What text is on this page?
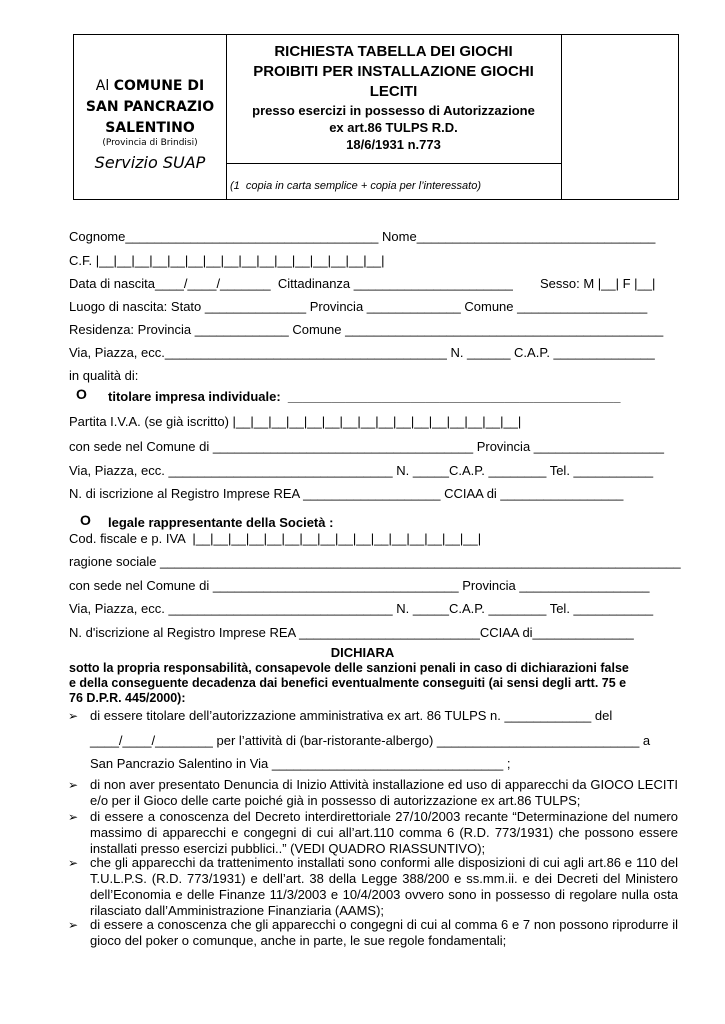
Al COMUNE DI
SAN PANCRAZIO
SALENTINO
(Provincia di Brindisi)
Servizio SUAP
RICHIESTA TABELLA DEI GIOCHI
PROIBITI PER INSTALLAZIONE GIOCHI
LECITI
presso esercizi in possesso di Autorizzazione
ex art.86 TULPS R.D.
18/6/1931 n.773
(1  copia in carta semplice + copia per l’interessato)
Cognome___________________________________ Nome_________________________________
C.F. |__|__|__|__|__|__|__|__|__|__|__|__|__|__|__|__|
Data di nascita____/____/_______  Cittadinanza ______________________ Sesso: M |__| F |__|
Luogo di nascita: Stato ______________ Provincia _____________ Comune __________________
Residenza: Provincia _____________ Comune ____________________________________________
Via, Piazza, ecc._______________________________________ N. ______ C.A.P. ______________
in qualità di:
O titolare impresa individuale:  ______________________________________________
Partita I.V.A. (se già iscritto) |__|__|__|__|__|__|__|__|__|__|__|__|__|__|__|__|
con sede nel Comune di ____________________________________ Provincia __________________
Via, Piazza, ecc. _______________________________ N. _____C.A.P. ________ Tel. ___________
N. di iscrizione al Registro Imprese REA ___________________ CCIAA di _________________
O legale rappresentante della Società :
Cod. fiscale e p. IVA  |__|__|__|__|__|__|__|__|__|__|__|__|__|__|__|__|
ragione sociale ________________________________________________________________________
con sede nel Comune di __________________________________ Provincia __________________
Via, Piazza, ecc. _______________________________ N. _____C.A.P. ________ Tel. ___________
N. d'iscrizione al Registro Imprese REA _________________________CCIAA di______________
DICHIARA
sotto la propria responsabilità, consapevole delle sanzioni penali in caso di dichiarazioni false
e della conseguente decadenza dai benefici eventualmente conseguiti (ai sensi degli artt. 75 e
76 D.P.R. 445/2000):
➢ di essere titolare dell’autorizzazione amministrativa ex art. 86 TULPS n. ____________ del
____/____/________ per l’attività di (bar-ristorante-albergo) ____________________________ a
San Pancrazio Salentino in Via ________________________________ ;
➢ di non aver presentato Denuncia di Inizio Attività installazione ed uso di apparecchi da GIOCO LECITI e/o per il Gioco delle carte poiché già in possesso di autorizzazione ex art.86 TULPS;
➢ di essere a conoscenza del Decreto interdirettoriale 27/10/2003 recante “Determinazione del numero massimo di apparecchi e congegni di cui all’art.110 comma 6 (R.D. 773/1931) che possono essere installati presso esercizi pubblici..” (VEDI QUADRO RIASSUNTIVO);
➢ che gli apparecchi da trattenimento installati sono conformi alle disposizioni di cui agli art.86 e 110 del T.U.L.P.S. (R.D. 773/1931) e dell’art. 38 della Legge 388/200 e ss.mm.ii. e dei Decreti del Ministero dell’Economia e delle Finanze 11/3/2003 e 10/4/2003 ovvero sono in possesso di regolare nulla osta rilasciato dall’Amministrazione Finanziaria (AAMS);
➢ di essere a conoscenza che gli apparecchi o congegni di cui al comma 6 e 7 non possono riprodurre il gioco del poker o comunque, anche in parte, le sue regole fondamentali;
